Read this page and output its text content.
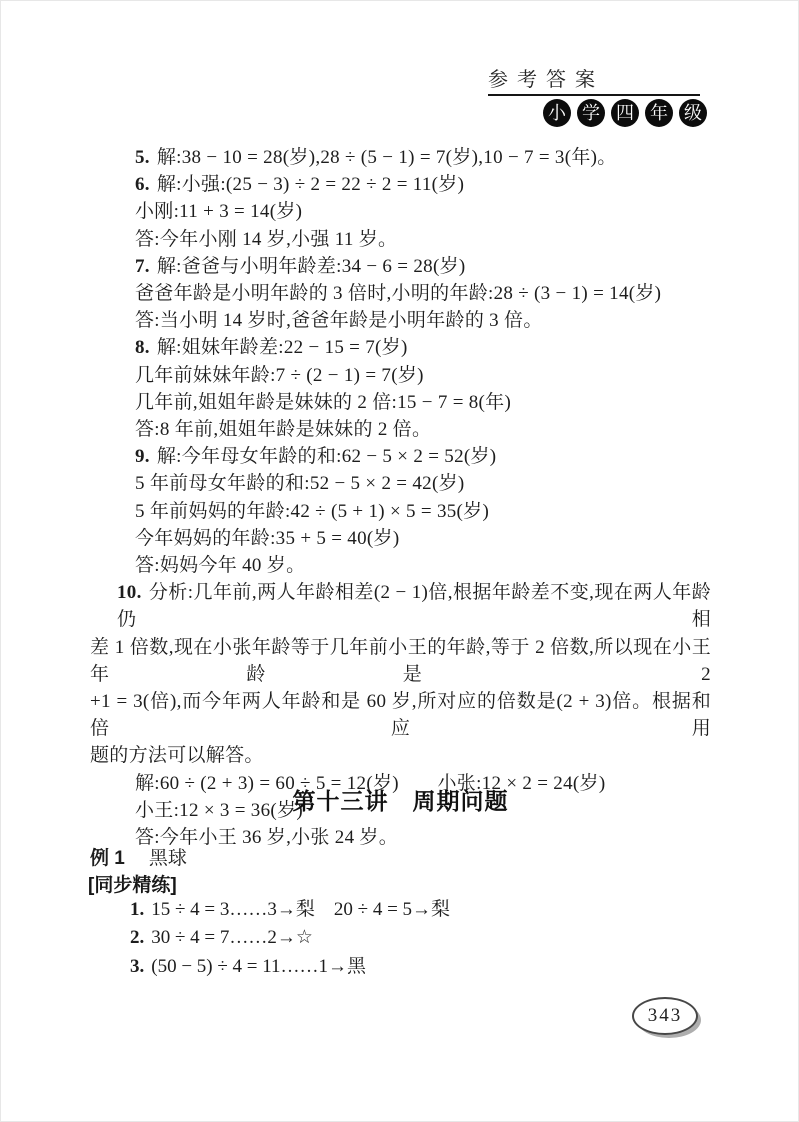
参考答案
小 学 四 年 级
5. 解:38 − 10 = 28(岁),28 ÷ (5 − 1) = 7(岁),10 − 7 = 3(年)。
6. 解:小强:(25 − 3) ÷ 2 = 22 ÷ 2 = 11(岁)
小刚:11 + 3 = 14(岁)
答:今年小刚 14 岁,小强 11 岁。
7. 解:爸爸与小明年龄差:34 − 6 = 28(岁)
爸爸年龄是小明年龄的 3 倍时,小明的年龄:28 ÷ (3 − 1) = 14(岁)
答:当小明 14 岁时,爸爸年龄是小明年龄的 3 倍。
8. 解:姐妹年龄差:22 − 15 = 7(岁)
几年前妹妹年龄:7 ÷ (2 − 1) = 7(岁)
几年前,姐姐年龄是妹妹的 2 倍:15 − 7 = 8(年)
答:8 年前,姐姐年龄是妹妹的 2 倍。
9. 解:今年母女年龄的和:62 − 5 × 2 = 52(岁)
5 年前母女年龄的和:52 − 5 × 2 = 42(岁)
5 年前妈妈的年龄:42 ÷ (5 + 1) × 5 = 35(岁)
今年妈妈的年龄:35 + 5 = 40(岁)
答:妈妈今年 40 岁。
10. 分析:几年前,两人年龄相差(2 − 1)倍,根据年龄差不变,现在两人年龄仍相
差 1 倍数,现在小张年龄等于几年前小王的年龄,等于 2 倍数,所以现在小王年龄是 2
+1 = 3(倍),而今年两人年龄和是 60 岁,所对应的倍数是(2 + 3)倍。根据和倍应用
题的方法可以解答。
解:60 ÷ (2 + 3) = 60 ÷ 5 = 12(岁)　　小张:12 × 2 = 24(岁)
小王:12 × 3 = 36(岁)
答:今年小王 36 岁,小张 24 岁。
第十三讲　周期问题
例 1 黑球
[同步精练]
1. 15 ÷ 4 = 3……3→梨　20 ÷ 4 = 5→梨
2. 30 ÷ 4 = 7……2→☆
3. (50 − 5) ÷ 4 = 11……1→黑
343
